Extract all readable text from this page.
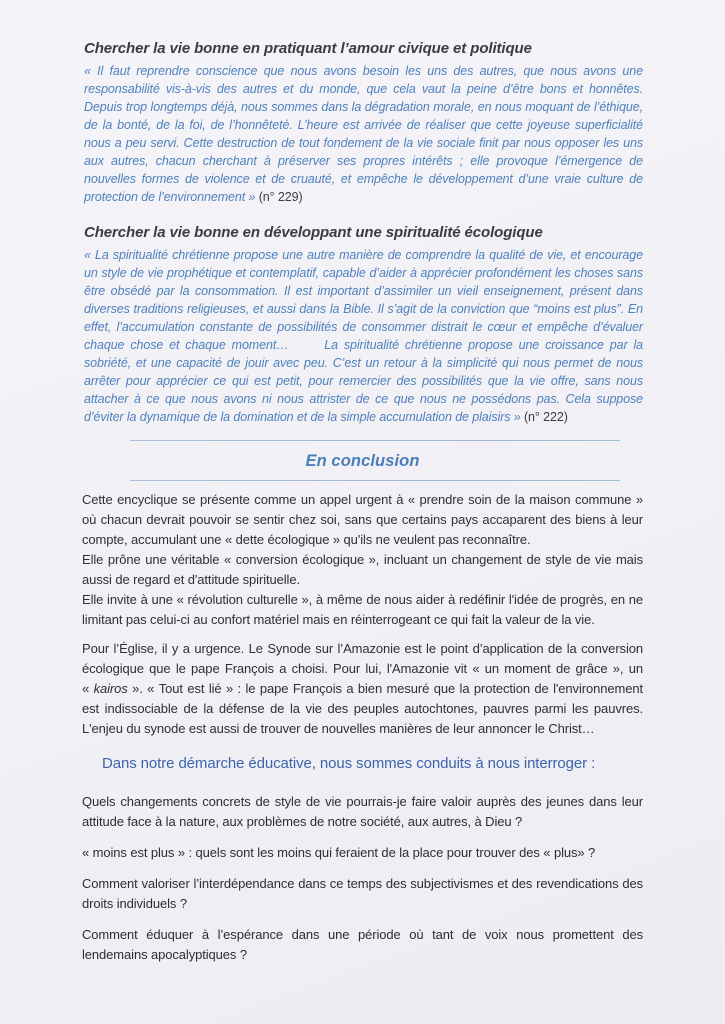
Chercher la vie bonne en pratiquant l’amour civique et politique

« Il faut reprendre conscience que nous avons besoin les uns des autres, que nous avons une responsabilité vis-à-vis des autres et du monde, que cela vaut la peine d’être bons et honnêtes. Depuis trop longtemps déjà, nous sommes dans la dégradation morale, en nous moquant de l’éthique, de la bonté, de la foi, de l’honnêteté. L’heure est arrivée de réaliser que cette joyeuse superficialité nous a peu servi. Cette destruction de tout fondement de la vie sociale finit par nous opposer les uns aux autres, chacun cherchant à préserver ses propres intérêts ; elle provoque l’émergence de nouvelles formes de violence et de cruauté, et empêche le développement d’une vraie culture de protection de l’environnement » (n° 229)

Chercher la vie bonne en développant une spiritualité écologique

« La spiritualité chrétienne propose une autre manière de comprendre la qualité de vie, et encourage un style de vie prophétique et contemplatif, capable d’aider à apprécier profondément les choses sans être obsédé par la consommation. Il est important d’assimiler un vieil enseignement, présent dans diverses traditions religieuses, et aussi dans la Bible. Il s’agit de la conviction que “moins est plus”. En effet, l’accumulation constante de possibilités de consommer distrait le cœur et empêche d’évaluer chaque chose et chaque moment…      La spiritualité chrétienne propose une croissance par la sobriété, et une capacité de jouir avec peu. C’est un retour à la simplicité qui nous permet de nous arrêter pour apprécier ce qui est petit, pour remercier des possibilités que la vie offre, sans nous attacher à ce que nous avons ni nous attrister de ce que nous ne possédons pas. Cela suppose d’éviter la dynamique de la domination et de la simple accumulation de plaisirs » (n° 222)

En conclusion

Cette encyclique se présente comme un appel urgent à « prendre soin de la maison commune » où chacun devrait pouvoir se sentir chez soi, sans que certains pays accaparent des biens à leur compte, accumulant une « dette écologique » qu'ils ne veulent pas reconnaître.

Elle prône une véritable « conversion écologique », incluant un changement de style de vie mais aussi de regard et d'attitude spirituelle.

Elle invite à une « révolution culturelle », à même de nous aider à redéfinir l'idée de progrès, en ne limitant pas celui-ci au confort matériel mais en réinterrogeant ce qui fait la valeur de la vie.

Pour l’Église, il y a urgence. Le Synode sur l’Amazonie est le point d’application de la conversion écologique que le pape François a choisi. Pour lui, l'Amazonie vit « un moment de grâce », un « kairos ». « Tout est lié » : le pape François a bien mesuré que la protection de l'environnement est indissociable de la défense de la vie des peuples autochtones, pauvres parmi les pauvres. L'enjeu du synode est aussi de trouver de nouvelles manières de leur annoncer le Christ…

Dans notre démarche éducative, nous sommes conduits à nous interroger :

Quels changements concrets de style de vie pourrais-je faire valoir auprès des jeunes dans leur attitude face à la nature, aux problèmes de notre société, aux autres, à Dieu ?

« moins est plus » : quels sont les moins qui feraient de la place pour trouver des « plus» ?

Comment valoriser l’interdépendance dans ce temps des subjectivismes et des revendications des droits individuels ?

Comment éduquer à l’espérance dans une période où tant de voix nous promettent des lendemains apocalyptiques ?
